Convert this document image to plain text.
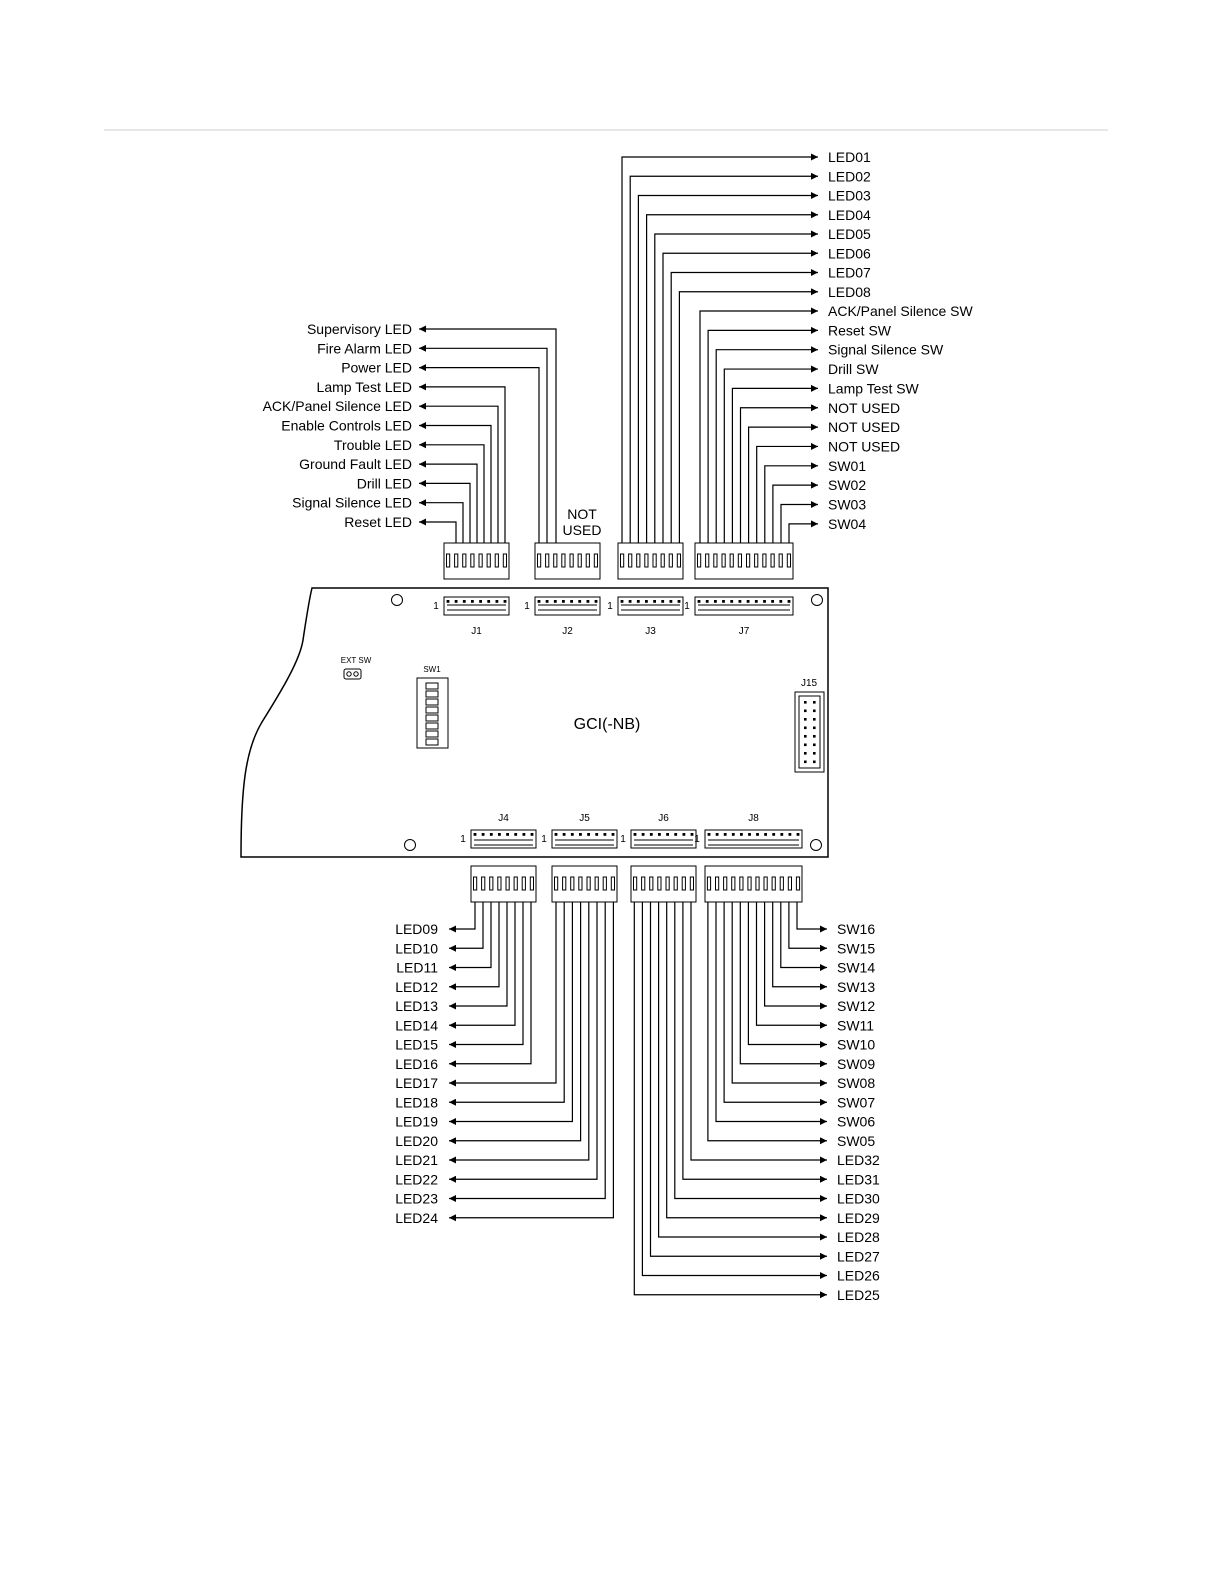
GCI(-NB)
EXT SW
SW1
J15
NOT
USED
1
J1
1
J2
1
J3
1
J7
1
J4
1
J5
1
J6
1
J8
Supervisory LED
Fire Alarm LED
Power LED
Lamp Test LED
ACK/Panel Silence LED
Enable Controls LED
Trouble LED
Ground Fault LED
Drill LED
Signal Silence LED
Reset LED
LED01
LED02
LED03
LED04
LED05
LED06
LED07
LED08
ACK/Panel Silence SW
Reset SW
Signal Silence SW
Drill SW
Lamp Test SW
NOT USED
NOT USED
NOT USED
SW01
SW02
SW03
SW04
LED09
LED10
LED11
LED12
LED13
LED14
LED15
LED16
LED17
LED18
LED19
LED20
LED21
LED22
LED23
LED24
SW16
SW15
SW14
SW13
SW12
SW11
SW10
SW09
SW08
SW07
SW06
SW05
LED32
LED31
LED30
LED29
LED28
LED27
LED26
LED25
